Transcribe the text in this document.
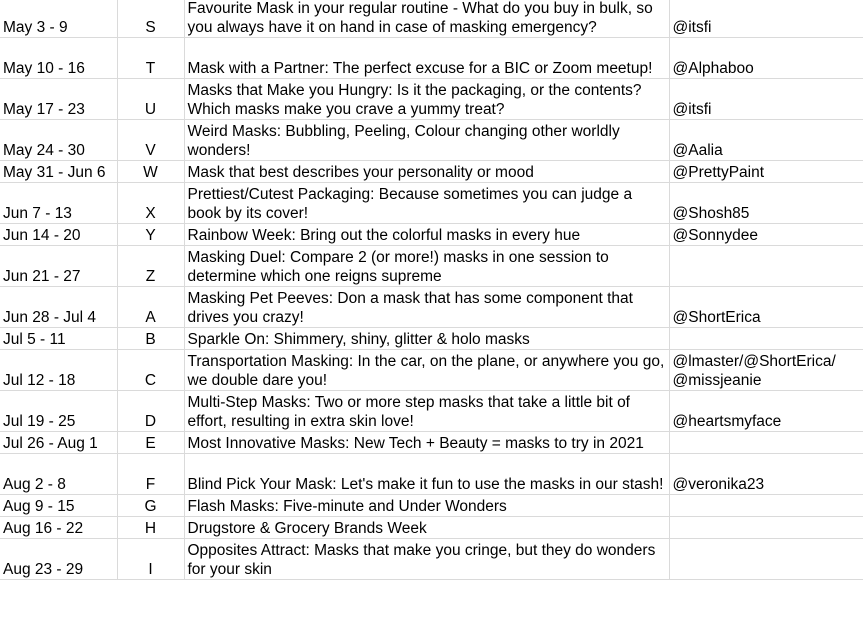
May 3 - 9	S	Favourite Mask in your regular routine - What do you buy in bulk, so you always have it on hand in case of masking emergency?	@itsfi

May 10 - 16	T	Mask with a Partner: The perfect excuse for a BIC or Zoom meetup!	@Alphaboo

May 17 - 23	U	Masks that Make you Hungry: Is it the packaging, or the contents? Which masks make you crave a yummy treat?	@itsfi

May 24 - 30	V	Weird Masks: Bubbling, Peeling, Colour changing other worldly wonders!	@Aalia

May 31 - Jun 6	W	Mask that best describes your personality or mood	@PrettyPaint

Jun 7 - 13	X	Prettiest/Cutest Packaging: Because sometimes you can judge a book by its cover!	@Shosh85

Jun 14 - 20	Y	Rainbow Week: Bring out the colorful masks in every hue	@Sonnydee

Jun 21 - 27	Z	Masking Duel: Compare 2 (or more!) masks in one session to determine which one reigns supreme	

Jun 28 - Jul 4	A	Masking Pet Peeves: Don a mask that has some component that drives you crazy!	@ShortErica

Jul 5 - 11	B	Sparkle On: Shimmery, shiny, glitter & holo masks	

Jul 12 - 18	C	Transportation Masking: In the car, on the plane, or anywhere you go, we double dare you!	@lmaster/@ShortErica/
@missjeanie

Jul 19 - 25	D	Multi-Step Masks: Two or more step masks that take a little bit of effort, resulting in extra skin love!	@heartsmyface

Jul 26 - Aug 1	E	Most Innovative Masks: New Tech + Beauty = masks to try in 2021	

Aug 2 - 8	F	Blind Pick Your Mask: Let's make it fun to use the masks in our stash!	@veronika23

Aug 9 - 15	G	Flash Masks: Five-minute and Under Wonders	

Aug 16 - 22	H	Drugstore & Grocery Brands Week	

Aug 23 - 29	I	Opposites Attract: Masks that make you cringe, but they do wonders for your skin	
